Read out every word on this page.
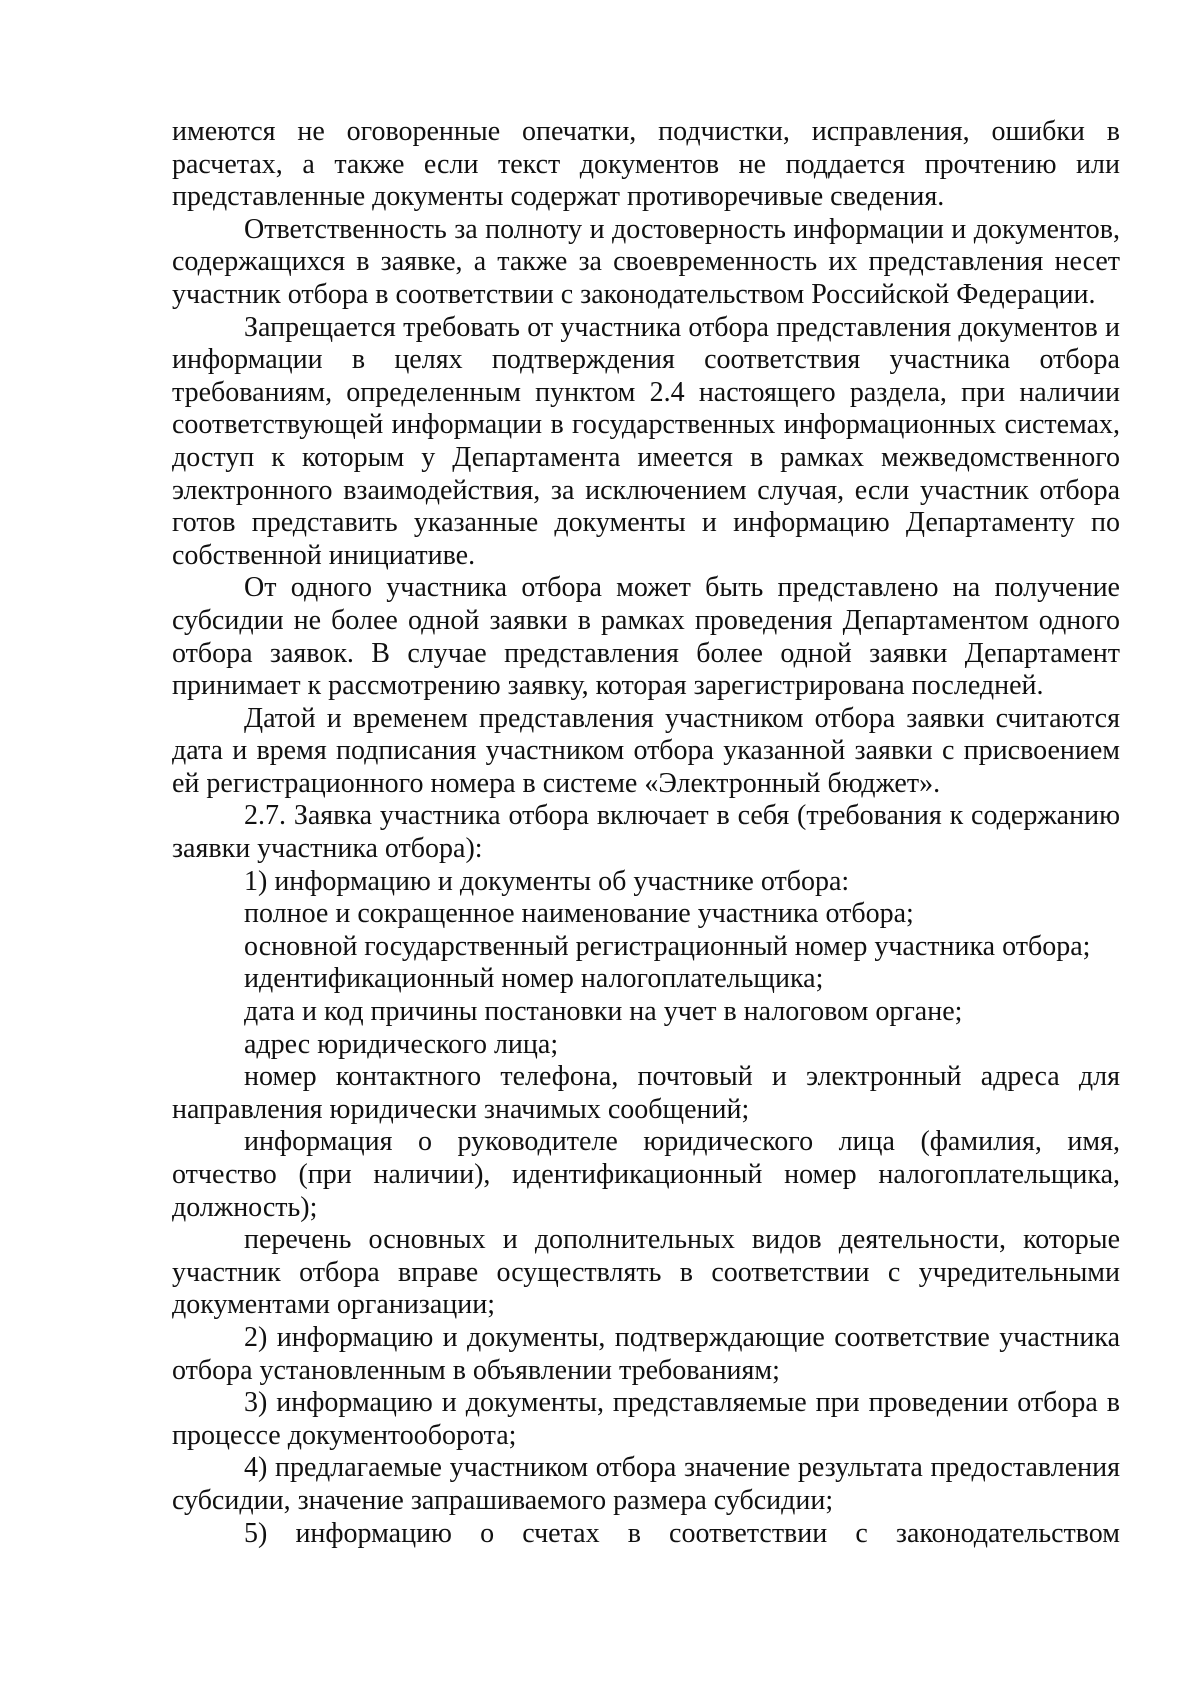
имеются не оговоренные опечатки, подчистки, исправления, ошибки в расчетах, а также если текст документов не поддается прочтению или представленные документы содержат противоречивые сведения.

Ответственность за полноту и достоверность информации и документов, содержащихся в заявке, а также за своевременность их представления несет участник отбора в соответствии с законодательством Российской Федерации.

Запрещается требовать от участника отбора представления документов и информации в целях подтверждения соответствия участника отбора требованиям, определенным пунктом 2.4 настоящего раздела, при наличии соответствующей информации в государственных информационных системах, доступ к которым у Департамента имеется в рамках межведомственного электронного взаимодействия, за исключением случая, если участник отбора готов представить указанные документы и информацию Департаменту по собственной инициативе.

От одного участника отбора может быть представлено на получение субсидии не более одной заявки в рамках проведения Департаментом одного отбора заявок. В случае представления более одной заявки Департамент принимает к рассмотрению заявку, которая зарегистрирована последней.

Датой и временем представления участником отбора заявки считаются дата и время подписания участником отбора указанной заявки с присвоением ей регистрационного номера в системе «Электронный бюджет».

2.7. Заявка участника отбора включает в себя (требования к содержанию заявки участника отбора):

1) информацию и документы об участнике отбора:

полное и сокращенное наименование участника отбора;

основной государственный регистрационный номер участника отбора;

идентификационный номер налогоплательщика;

дата и код причины постановки на учет в налоговом органе;

адрес юридического лица;

номер контактного телефона, почтовый и электронный адреса для направления юридически значимых сообщений;

информация о руководителе юридического лица (фамилия, имя, отчество (при наличии), идентификационный номер налогоплательщика, должность);

перечень основных и дополнительных видов деятельности, которые участник отбора вправе осуществлять в соответствии с учредительными документами организации;

2) информацию и документы, подтверждающие соответствие участника отбора установленным в объявлении требованиям;

3) информацию и документы, представляемые при проведении отбора в процессе документооборота;

4) предлагаемые участником отбора значение результата предоставления субсидии, значение запрашиваемого размера субсидии;

5) информацию о счетах в соответствии с законодательством
